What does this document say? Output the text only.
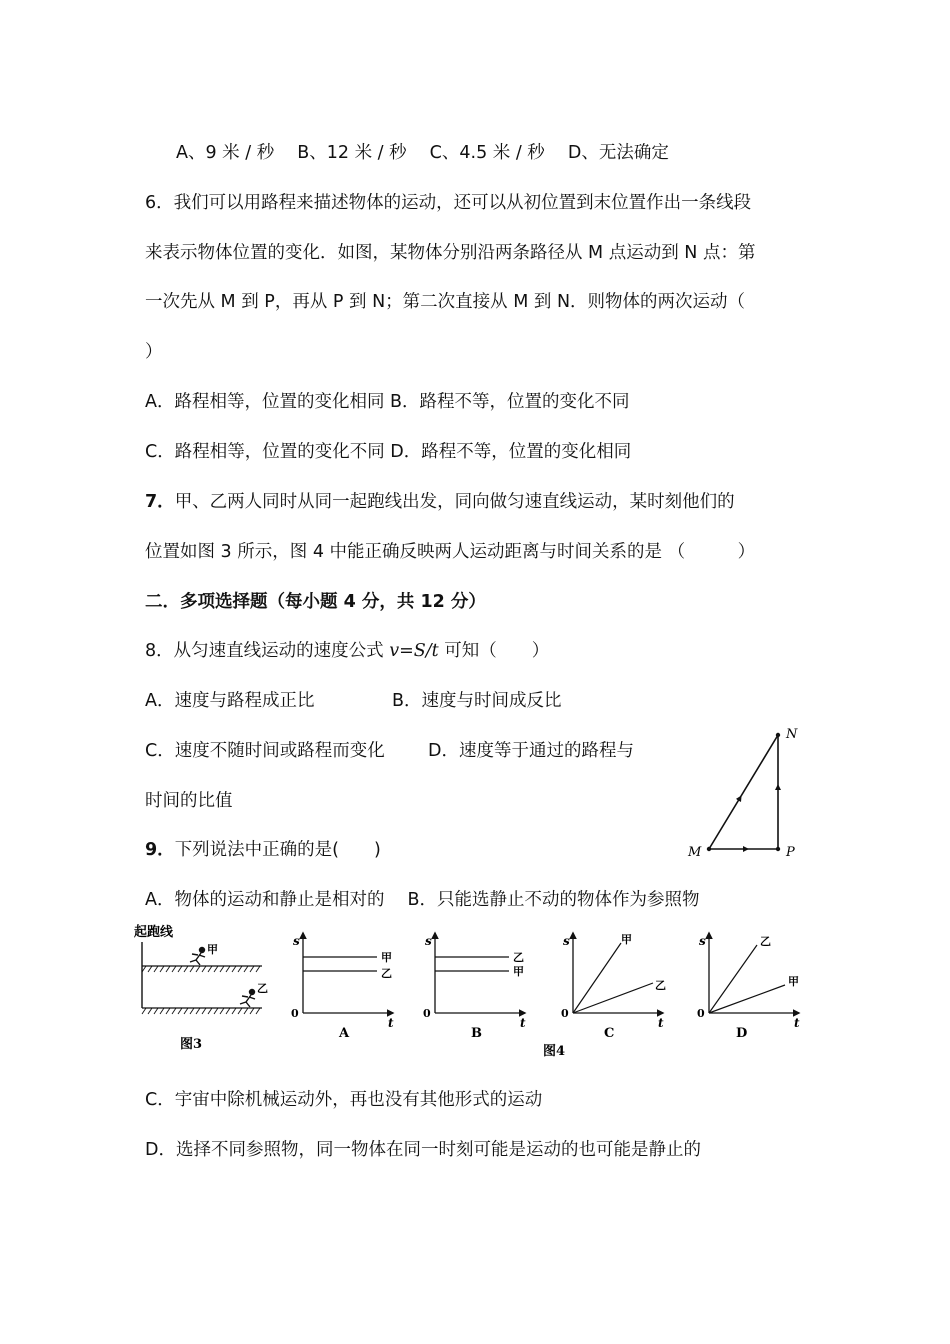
A、9 米 / 秒　 B、12 米 / 秒　 C、4.5 米 / 秒　 D、无法确定
6．我们可以用路程来描述物体的运动，还可以从初位置到末位置作出一条线段
来表示物体位置的变化．如图，某物体分别沿两条路径从 M 点运动到 N 点：第
一次先从 M 到 P，再从 P 到 N；第二次直接从 M 到 N．则物体的两次运动（
）
A．路程相等，位置的变化相同 B．路程不等，位置的变化不同
C．路程相等，位置的变化不同 D．路程不等，位置的变化相同
7．甲、乙两人同时从同一起跑线出发，同向做匀速直线运动，某时刻他们的
位置如图 3 所示，图 4 中能正确反映两人运动距离与时间关系的是 （　　　）
二．多项选择题（每小题 4 分，共 12 分）
8．从匀速直线运动的速度公式 v=S/t 可知（　　）
A．速度与路程成正比	B．速度与时间成反比
C．速度不随时间或路程而变化 D．速度等于通过的路程与
时间的比值
9．下列说法中正确的是(　　)
A．物体的运动和静止是相对的　 B．只能选静止不动的物体作为参照物
C．宇宙中除机械运动外，再也没有其他形式的运动
D．选择不同参照物，同一物体在同一时刻可能是运动的也可能是静止的
N
M	P
起跑线
甲
乙
图3
s
0
t
甲
乙
A
s
0
t
乙
甲
B
s
0
t
甲
乙
C
s
0
t
乙
甲
D
图4
